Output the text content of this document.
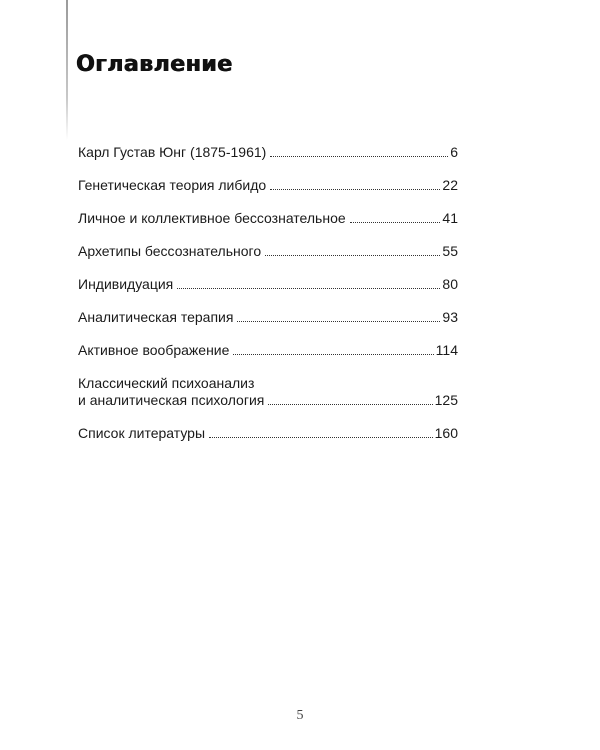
Оглавление
Карл Густав Юнг (1875-1961)	6
Генетическая теория либидо	22
Личное и коллективное бессознательное	41
Архетипы бессознательного	55
Индивидуация	80
Аналитическая терапия	93
Активное воображение	114
Классический психоанализ
и аналитическая психология	125
Список литературы	160
5
